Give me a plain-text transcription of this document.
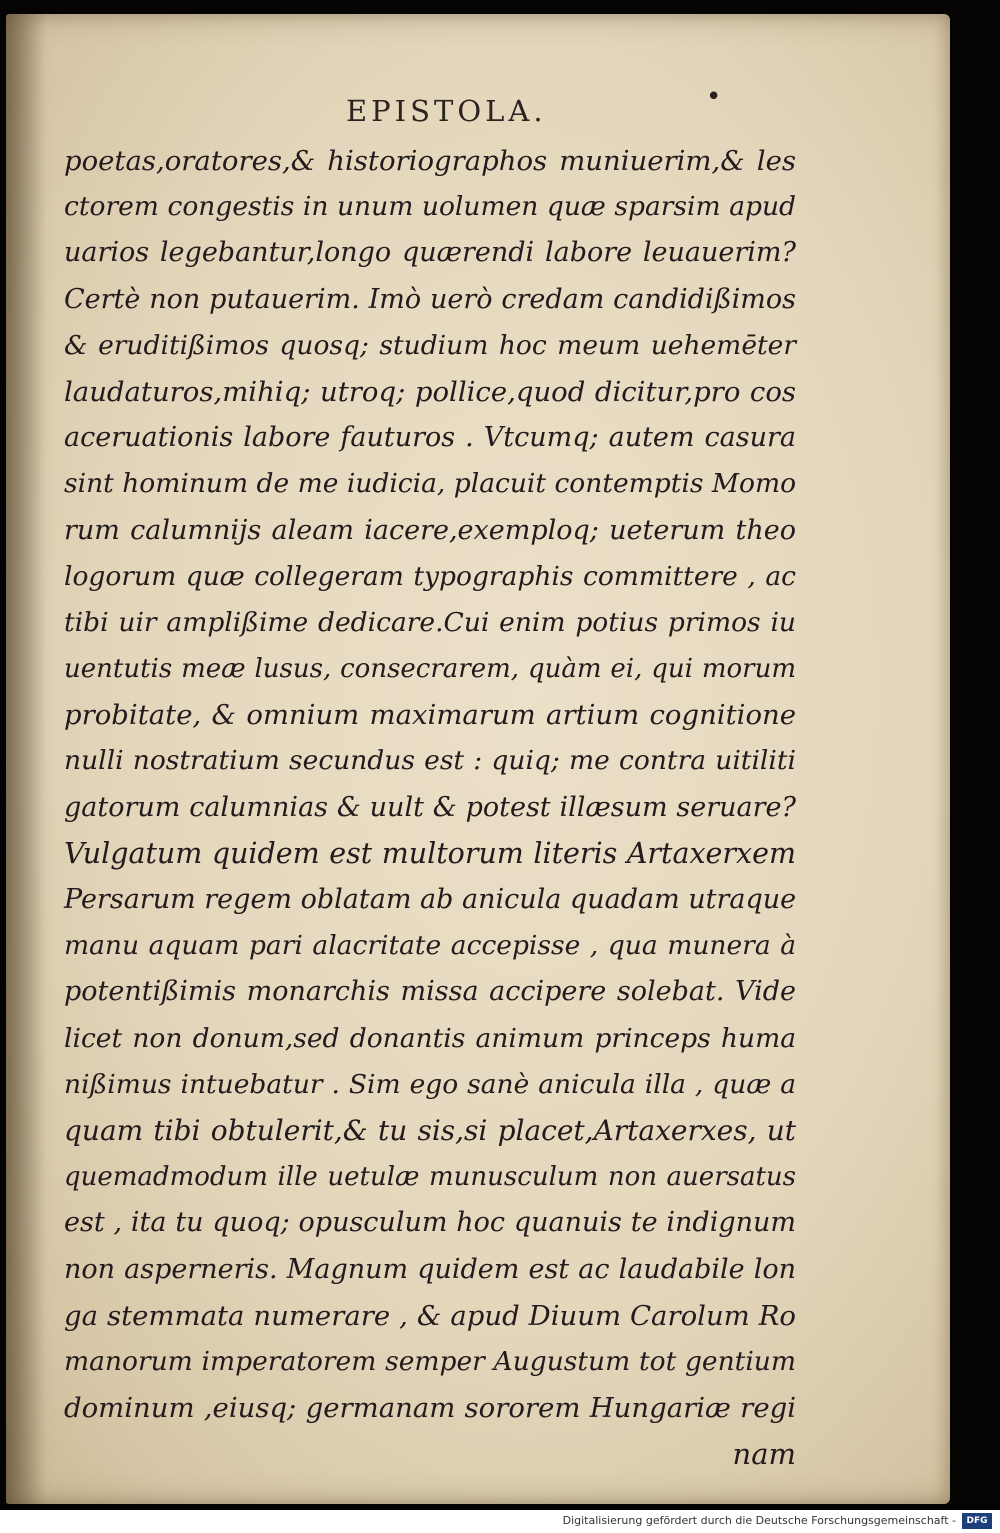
EPISTOLA.	•
poetas,oratores,& historiographos muniuerim,& les
ctorem congestis in unum uolumen quæ sparsim apud
uarios legebantur,longo quærendi labore leuauerim?
Certè non putauerim. Imò uerò credam candidißimos
& eruditißimos quosq; studium hoc meum uehemēter
laudaturos,mihiq; utroq; pollice,quod dicitur,pro cos
aceruationis labore fauturos . Vtcumq; autem casura
sint hominum de me iudicia, placuit contemptis Momo
rum calumnijs aleam iacere,exemploq; ueterum theo
logorum quæ collegeram typographis committere , ac
tibi uir amplißime dedicare.Cui enim potius primos iu
uentutis meæ lusus, consecrarem, quàm ei, qui morum
probitate, & omnium maximarum artium cognitione
nulli nostratium secundus est : quiq; me contra uitiliti
gatorum calumnias & uult & potest illæsum seruare?
Vulgatum quidem est multorum literis Artaxerxem
Persarum regem oblatam ab anicula quadam utraque
manu aquam pari alacritate accepisse , qua munera à
potentißimis monarchis missa accipere solebat. Vide
licet non donum,sed donantis animum princeps huma
nißimus intuebatur . Sim ego sanè anicula illa , quæ a
quam tibi obtulerit,& tu sis,si placet,Artaxerxes, ut
quemadmodum ille uetulæ munusculum non auersatus
est , ita tu quoq; opusculum hoc quanuis te indignum
non asperneris. Magnum quidem est ac laudabile lon
ga stemmata numerare , & apud Diuum Carolum Ro
manorum imperatorem semper Augustum tot gentium
dominum ,eiusq; germanam sororem Hungariæ regi
nam
Digitalisierung gefördert durch die Deutsche Forschungsgemeinschaft -	DFG
